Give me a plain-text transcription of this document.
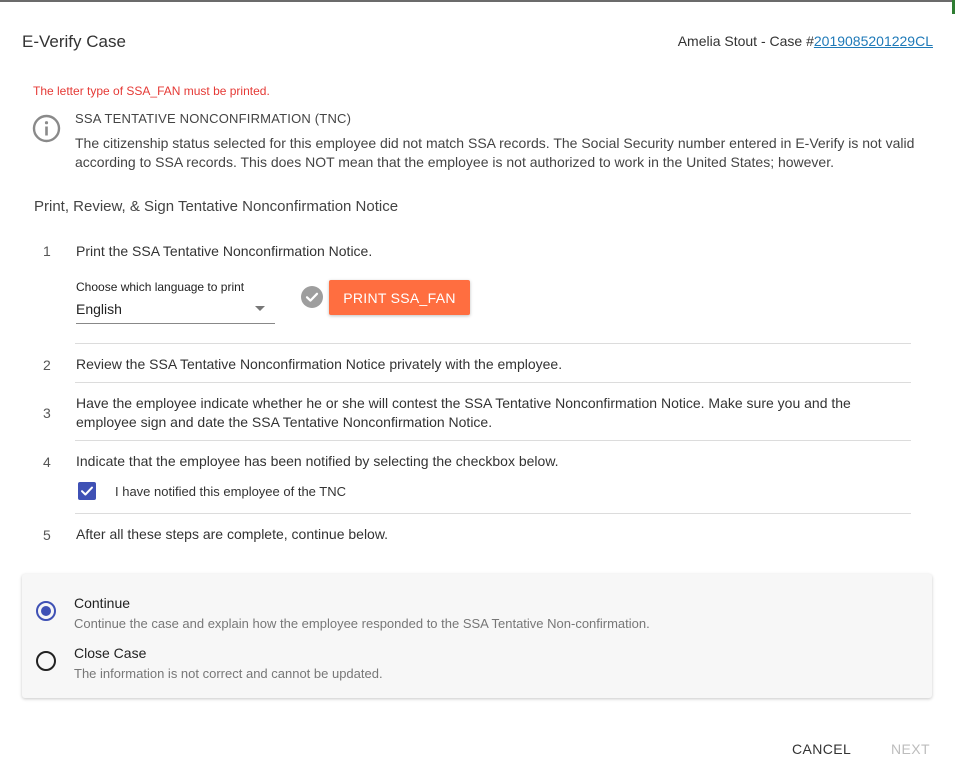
E-Verify Case	Amelia Stout - Case #2019085201229CL
The letter type of SSA_FAN must be printed.
SSA TENTATIVE NONCONFIRMATION (TNC)
The citizenship status selected for this employee did not match SSA records. The Social Security number entered in E-Verify is not valid according to SSA records. This does NOT mean that the employee is not authorized to work in the United States; however.
Print, Review, & Sign Tentative Nonconfirmation Notice
1 Print the SSA Tentative Nonconfirmation Notice.
Choose which language to print
English
PRINT SSA_FAN
2 Review the SSA Tentative Nonconfirmation Notice privately with the employee.
3
Have the employee indicate whether he or she will contest the SSA Tentative Nonconfirmation Notice. Make sure you and the employee sign and date the SSA Tentative Nonconfirmation Notice.
4 Indicate that the employee has been notified by selecting the checkbox below.
I have notified this employee of the TNC
5 After all these steps are complete, continue below.
Continue
Continue the case and explain how the employee responded to the SSA Tentative Non-confirmation.
Close Case
The information is not correct and cannot be updated.
CANCEL	NEXT
